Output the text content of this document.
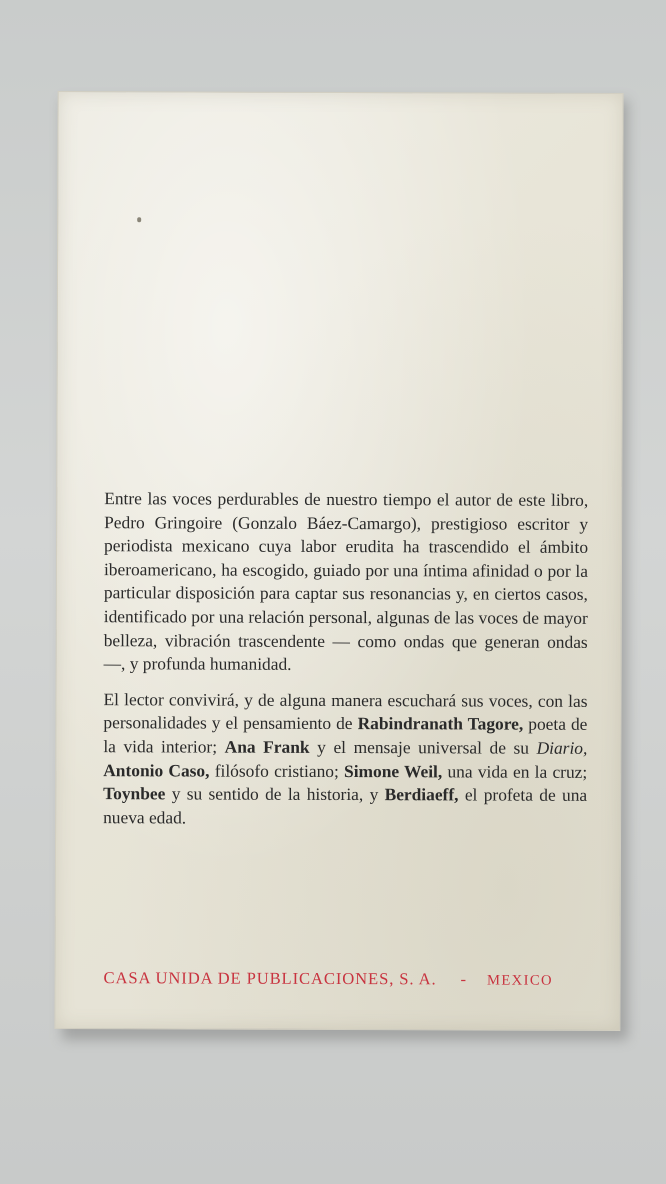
Entre las voces perdurables de nuestro tiempo el autor de este libro, Pedro Gringoire (Gonzalo Báez-Camargo), prestigioso escritor y periodista mexicano cuya labor erudita ha trascendido el ámbito iberoamericano, ha escogido, guiado por una íntima afinidad o por la particular disposición para captar sus resonancias y, en ciertos casos, identificado por una relación personal, algunas de las voces de mayor belleza, vibración trascendente — como ondas que generan ondas —, y profunda humanidad.

El lector convivirá, y de alguna manera escuchará sus voces, con las personalidades y el pensamiento de Rabindranath Tagore, poeta de la vida interior; Ana Frank y el mensaje universal de su Diario, Antonio Caso, filósofo cristiano; Simone Weil, una vida en la cruz; Toynbee y su sentido de la historia, y Berdiaeff, el profeta de una nueva edad.

CASA UNIDA DE PUBLICACIONES, S. A. - MEXICO
